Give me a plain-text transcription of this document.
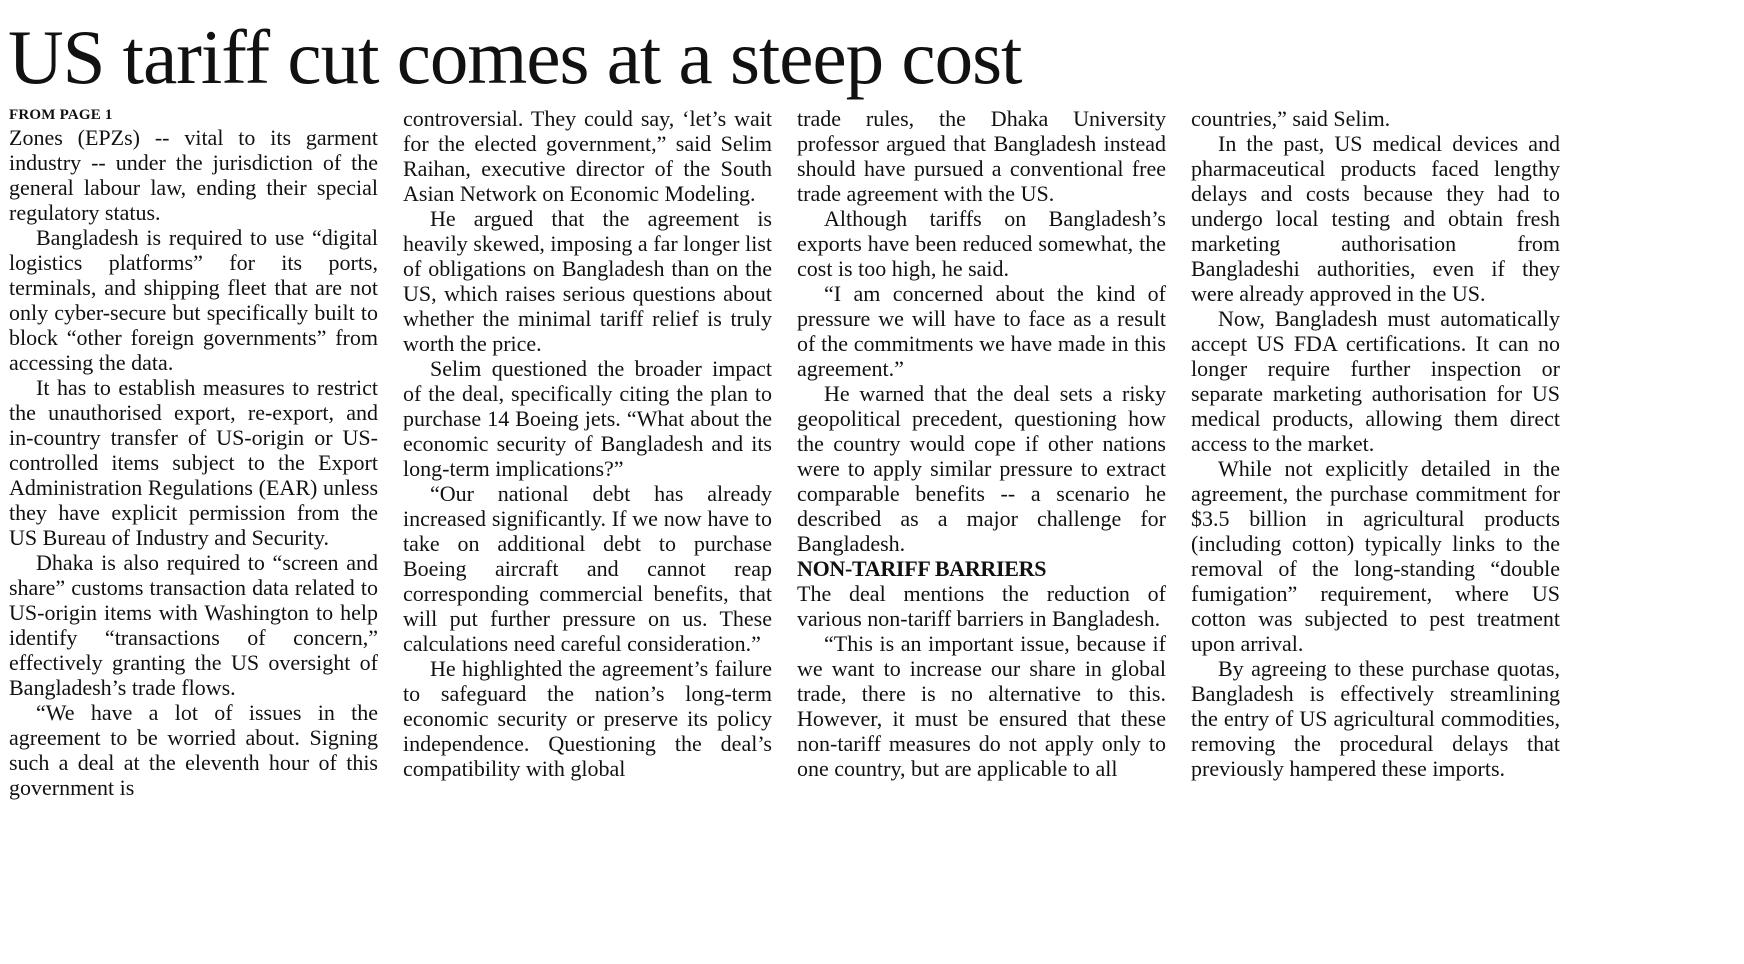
US tariff cut comes at a steep cost
FROM PAGE 1

Zones (EPZs) -- vital to its garment industry -- under the jurisdiction of the general labour law, ending their special regulatory status.

Bangladesh is required to use “digital logistics platforms” for its ports, terminals, and shipping fleet that are not only cyber-secure but specifically built to block “other foreign governments” from accessing the data.

It has to establish measures to restrict the unauthorised export, re-export, and in-country transfer of US-origin or US-controlled items subject to the Export Administration Regulations (EAR) unless they have explicit permission from the US Bureau of Industry and Security.

Dhaka is also required to “screen and share” customs transaction data related to US-origin items with Washington to help identify “transactions of concern,” effectively granting the US oversight of Bangladesh’s trade flows.

“We have a lot of issues in the agreement to be worried about. Signing such a deal at the eleventh hour of this government is

controversial. They could say, ‘let’s wait for the elected government,” said Selim Raihan, executive director of the South Asian Network on Economic Modeling.

He argued that the agreement is heavily skewed, imposing a far longer list of obligations on Bangladesh than on the US, which raises serious questions about whether the minimal tariff relief is truly worth the price.

Selim questioned the broader impact of the deal, specifically citing the plan to purchase 14 Boeing jets. “What about the economic security of Bangladesh and its long-term implications?”

“Our national debt has already increased significantly. If we now have to take on additional debt to purchase Boeing aircraft and cannot reap corresponding commercial benefits, that will put further pressure on us. These calculations need careful consideration.”

He highlighted the agreement’s failure to safeguard the nation’s long-term economic security or preserve its policy independence. Questioning the deal’s compatibility with global

trade rules, the Dhaka University professor argued that Bangladesh instead should have pursued a conventional free trade agreement with the US.

Although tariffs on Bangladesh’s exports have been reduced somewhat, the cost is too high, he said.

“I am concerned about the kind of pressure we will have to face as a result of the commitments we have made in this agreement.”

He warned that the deal sets a risky geopolitical precedent, questioning how the country would cope if other nations were to apply similar pressure to extract comparable benefits -- a scenario he described as a major challenge for Bangladesh.

NON-TARIFF BARRIERS

The deal mentions the reduction of various non-tariff barriers in Bangladesh.

“This is an important issue, because if we want to increase our share in global trade, there is no alternative to this. However, it must be ensured that these non-tariff measures do not apply only to one country, but are applicable to all

countries,” said Selim.

In the past, US medical devices and pharmaceutical products faced lengthy delays and costs because they had to undergo local testing and obtain fresh marketing authorisation from Bangladeshi authorities, even if they were already approved in the US.

Now, Bangladesh must automatically accept US FDA certifications. It can no longer require further inspection or separate marketing authorisation for US medical products, allowing them direct access to the market.

While not explicitly detailed in the agreement, the purchase commitment for $3.5 billion in agricultural products (including cotton) typically links to the removal of the long-standing “double fumigation” requirement, where US cotton was subjected to pest treatment upon arrival.

By agreeing to these purchase quotas, Bangladesh is effectively streamlining the entry of US agricultural commodities, removing the procedural delays that previously hampered these imports.
